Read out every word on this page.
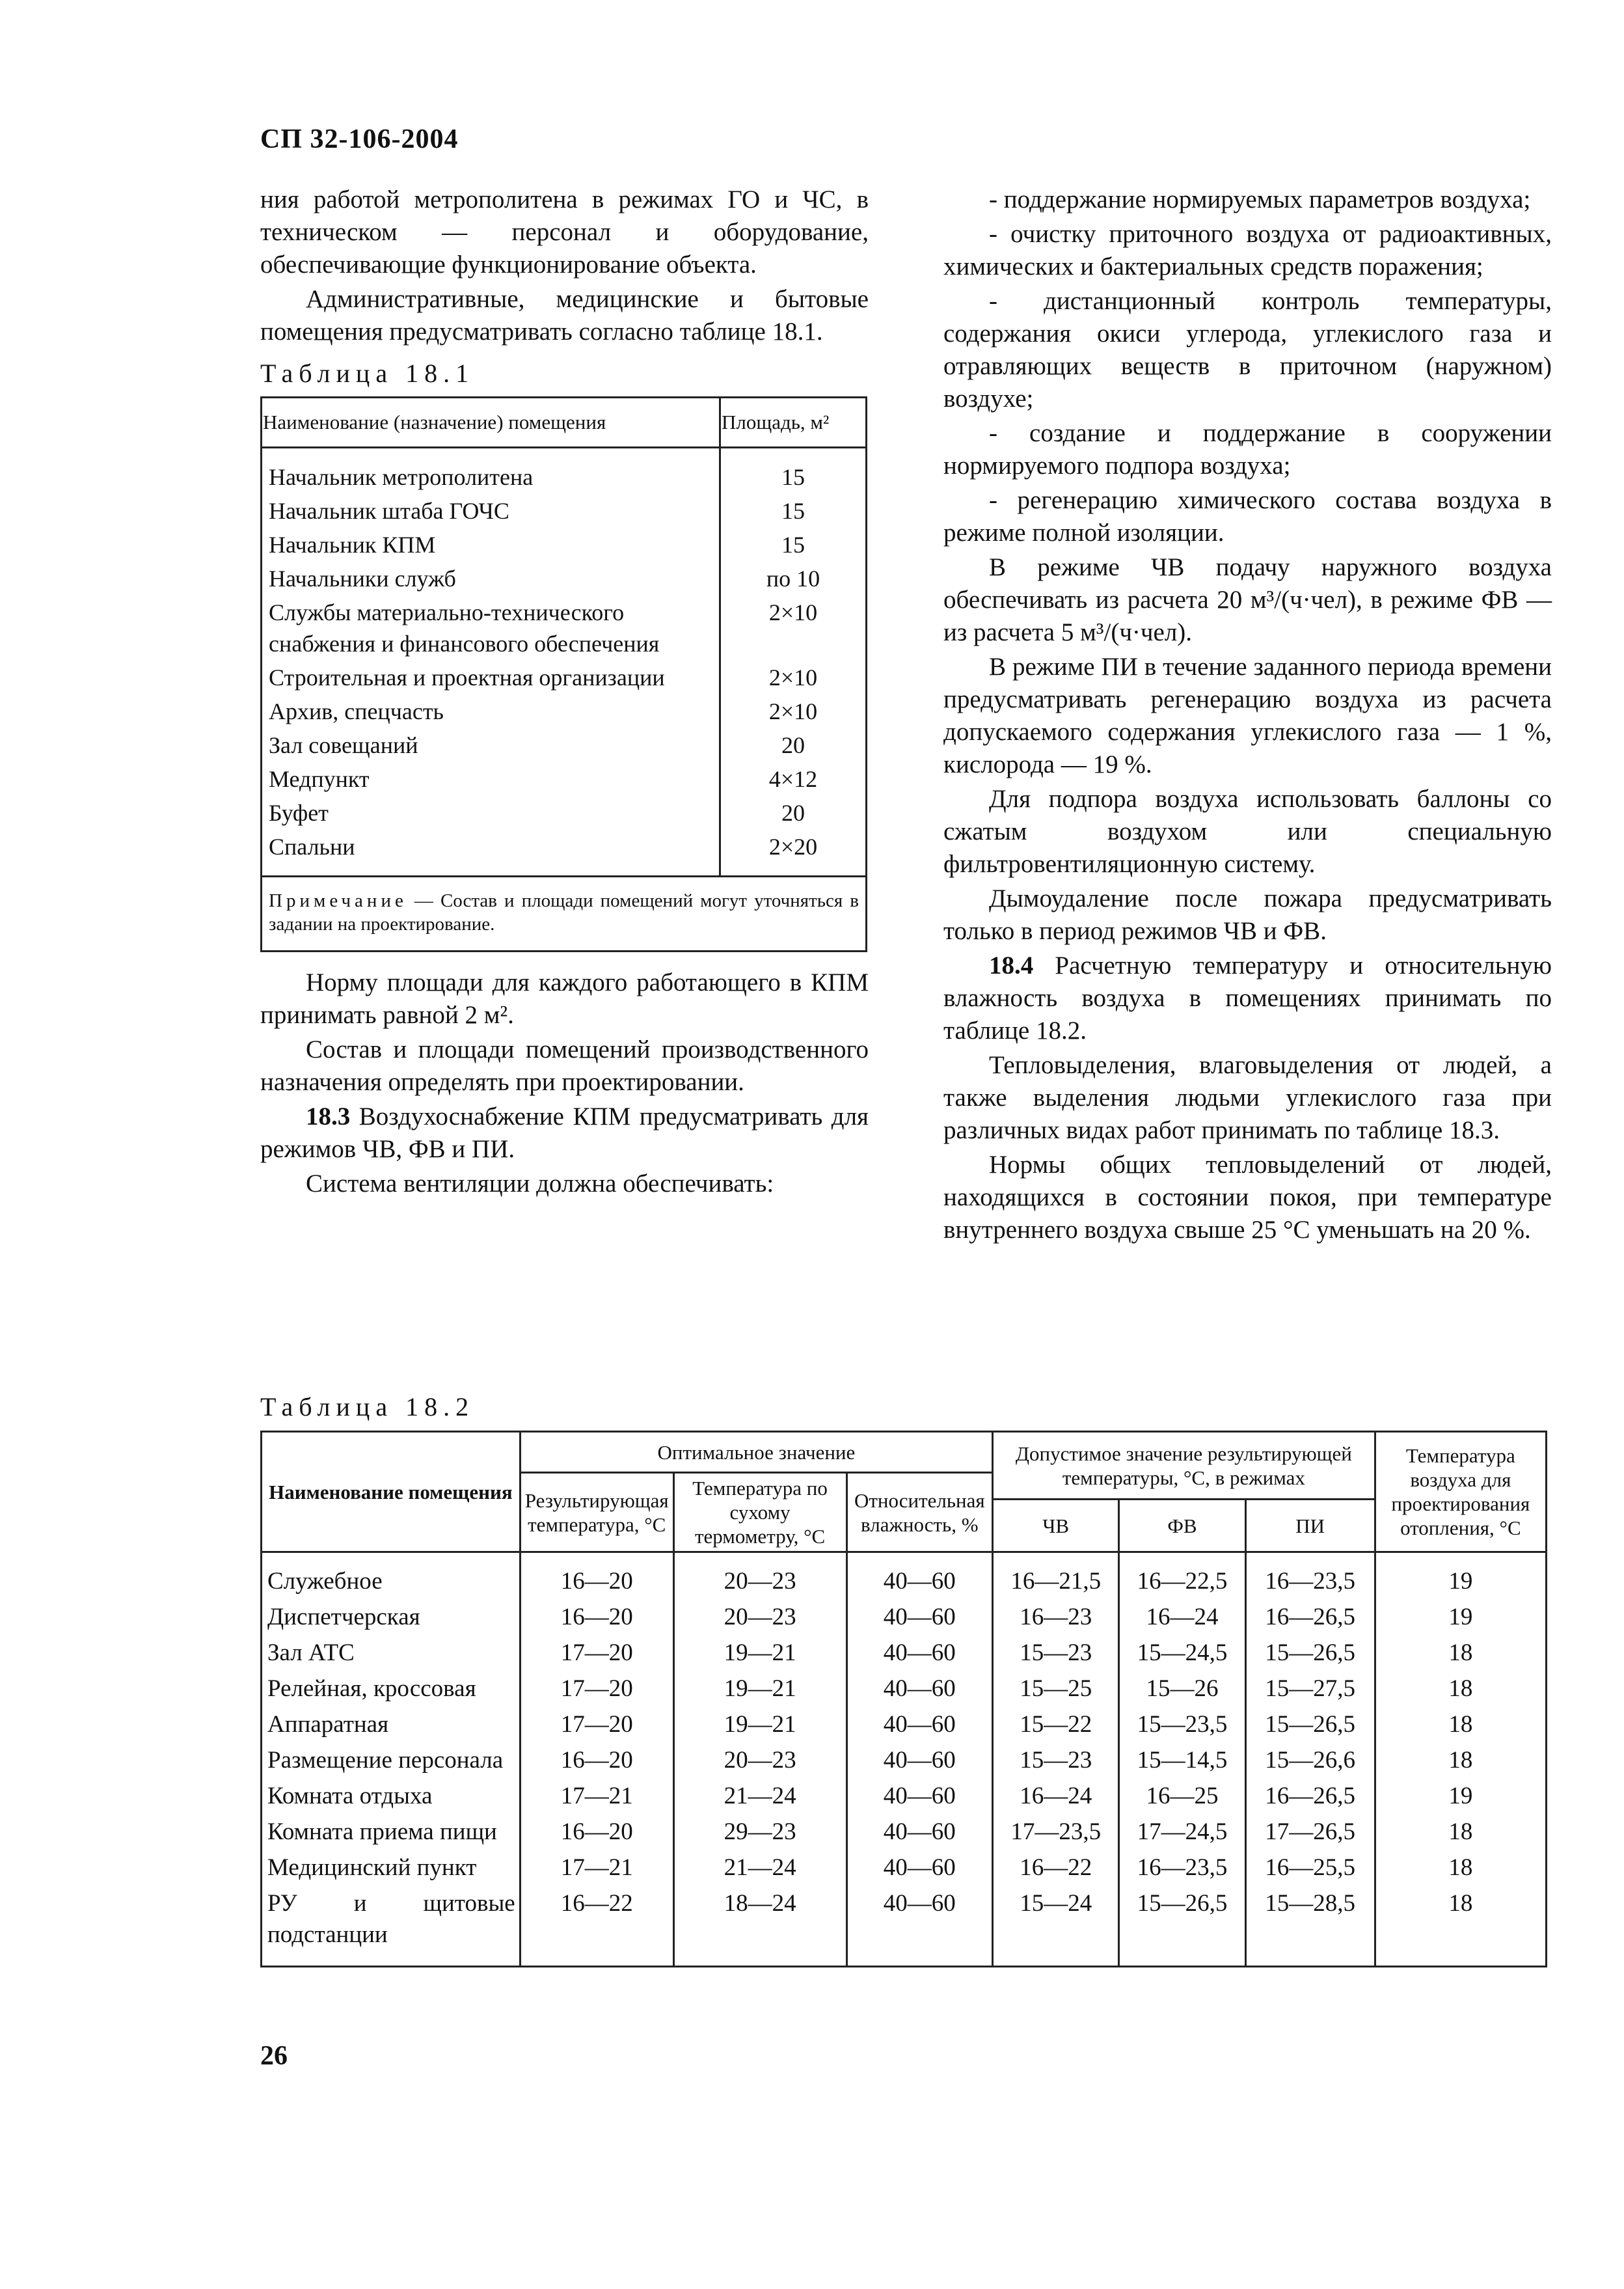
СП 32-106-2004

ния работой метрополитена в режимах ГО и ЧС, в техническом — персонал и оборудование, обеспечивающие функционирование объекта.

Административные, медицинские и бытовые помещения предусматривать согласно таблице 18.1.

Таблица 18.1

Наименование (назначение) помещения	Площадь, м²

Начальник метрополитена	15
Начальник штаба ГОЧС	15
Начальник КПМ	15
Начальники служб	по 10
Службы материально-технического снабжения и финансового обеспечения	2×10
Строительная и проектная организации	2×10
Архив, спецчасть	2×10
Зал совещаний	20
Медпункт	4×12
Буфет	20
Спальни	2×20

Примечание — Состав и площади помещений могут уточняться в задании на проектирование.	

Норму площади для каждого работающего в КПМ принимать равной 2 м².

Состав и площади помещений производственного назначения определять при проектировании.

18.3 Воздухоснабжение КПМ предусматривать для режимов ЧВ, ФВ и ПИ.

Система вентиляции должна обеспечивать:

- поддержание нормируемых параметров воздуха;

- очистку приточного воздуха от радиоактивных, химических и бактериальных средств поражения;

- дистанционный контроль температуры, содержания окиси углерода, углекислого газа и отравляющих веществ в приточном (наружном) воздухе;

- создание и поддержание в сооружении нормируемого подпора воздуха;

- регенерацию химического состава воздуха в режиме полной изоляции.

В режиме ЧВ подачу наружного воздуха обеспечивать из расчета 20 м³/(ч·чел), в режиме ФВ — из расчета 5 м³/(ч·чел).

В режиме ПИ в течение заданного периода времени предусматривать регенерацию воздуха из расчета допускаемого содержания углекислого газа — 1 %, кислорода — 19 %.

Для подпора воздуха использовать баллоны со сжатым воздухом или специальную фильтровентиляционную систему.

Дымоудаление после пожара предусматривать только в период режимов ЧВ и ФВ.

18.4 Расчетную температуру и относительную влажность воздуха в помещениях принимать по таблице 18.2.

Тепловыделения, влаговыделения от людей, а также выделения людьми углекислого газа при различных видах работ принимать по таблице 18.3.

Нормы общих тепловыделений от людей, находящихся в состоянии покоя, при температуре внутреннего воздуха свыше 25 °С уменьшать на 20 %.

Таблица 18.2
Наименование помещения	Оптимальное значение			Допустимое значение результирующей температуры, °С, в режимах			Температура воздуха для проектирования отопления, °С
	Результирующая температура, °С	Температура по сухому термометру, °С	Относительная влажность, %				
				ЧВ	ФВ	ПИ	

Служебное	16—20	20—23	40—60	16—21,5	16—22,5	16—23,5	19
Диспетчерская	16—20	20—23	40—60	16—23	16—24	16—26,5	19
Зал АТС	17—20	19—21	40—60	15—23	15—24,5	15—26,5	18
Релейная, кроссовая	17—20	19—21	40—60	15—25	15—26	15—27,5	18
Аппаратная	17—20	19—21	40—60	15—22	15—23,5	15—26,5	18
Размещение персонала	16—20	20—23	40—60	15—23	15—14,5	15—26,6	18
Комната отдыха	17—21	21—24	40—60	16—24	16—25	16—26,5	19
Комната приема пищи	16—20	29—23	40—60	17—23,5	17—24,5	17—26,5	18
Медицинский пункт	17—21	21—24	40—60	16—22	16—23,5	16—25,5	18
РУ и щитовые подстанции	16—22	18—24	40—60	15—24	15—26,5	15—28,5	18

26
